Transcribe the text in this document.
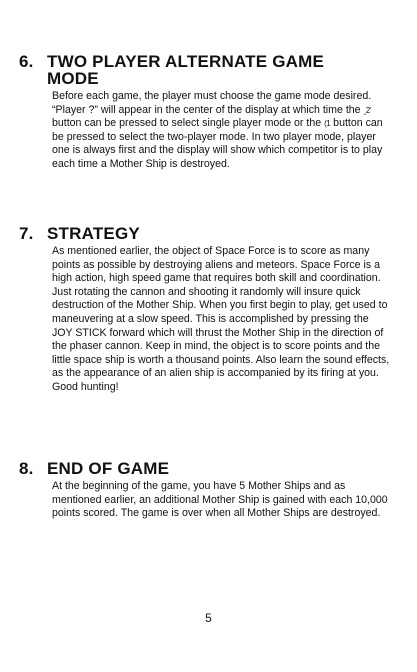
6. TWO PLAYER ALTERNATE GAME
MODE

Before each game, the player must choose the game mode desired. “Player ?” will appear in the center of the display at which time the ‸2’ button can be pressed to select single player mode or the (1 button can be pressed to select the two-player mode. In two player mode, player one is always first and the display will show which competitor is to play each time a Mother Ship is destroyed.

7. STRATEGY

As mentioned earlier, the object of Space Force is to score as many points as possible by destroying aliens and meteors. Space Force is a high action, high speed game that requires both skill and coordination. Just rotating the cannon and shooting it randomly will insure quick destruction of the Mother Ship. When you first begin to play, get used to maneuvering at a slow speed. This is accomplished by pressing the JOY STICK forward which will thrust the Mother Ship in the direction of the phaser cannon. Keep in mind, the object is to score points and the little space ship is worth a thousand points. Also learn the sound effects, as the appearance of an alien ship is accompanied by its firing at you. Good hunting!

8. END OF GAME

At the beginning of the game, you have 5 Mother Ships and as mentioned earlier, an additional Mother Ship is gained with each 10,000 points scored. The game is over when all Mother Ships are destroyed.

5
